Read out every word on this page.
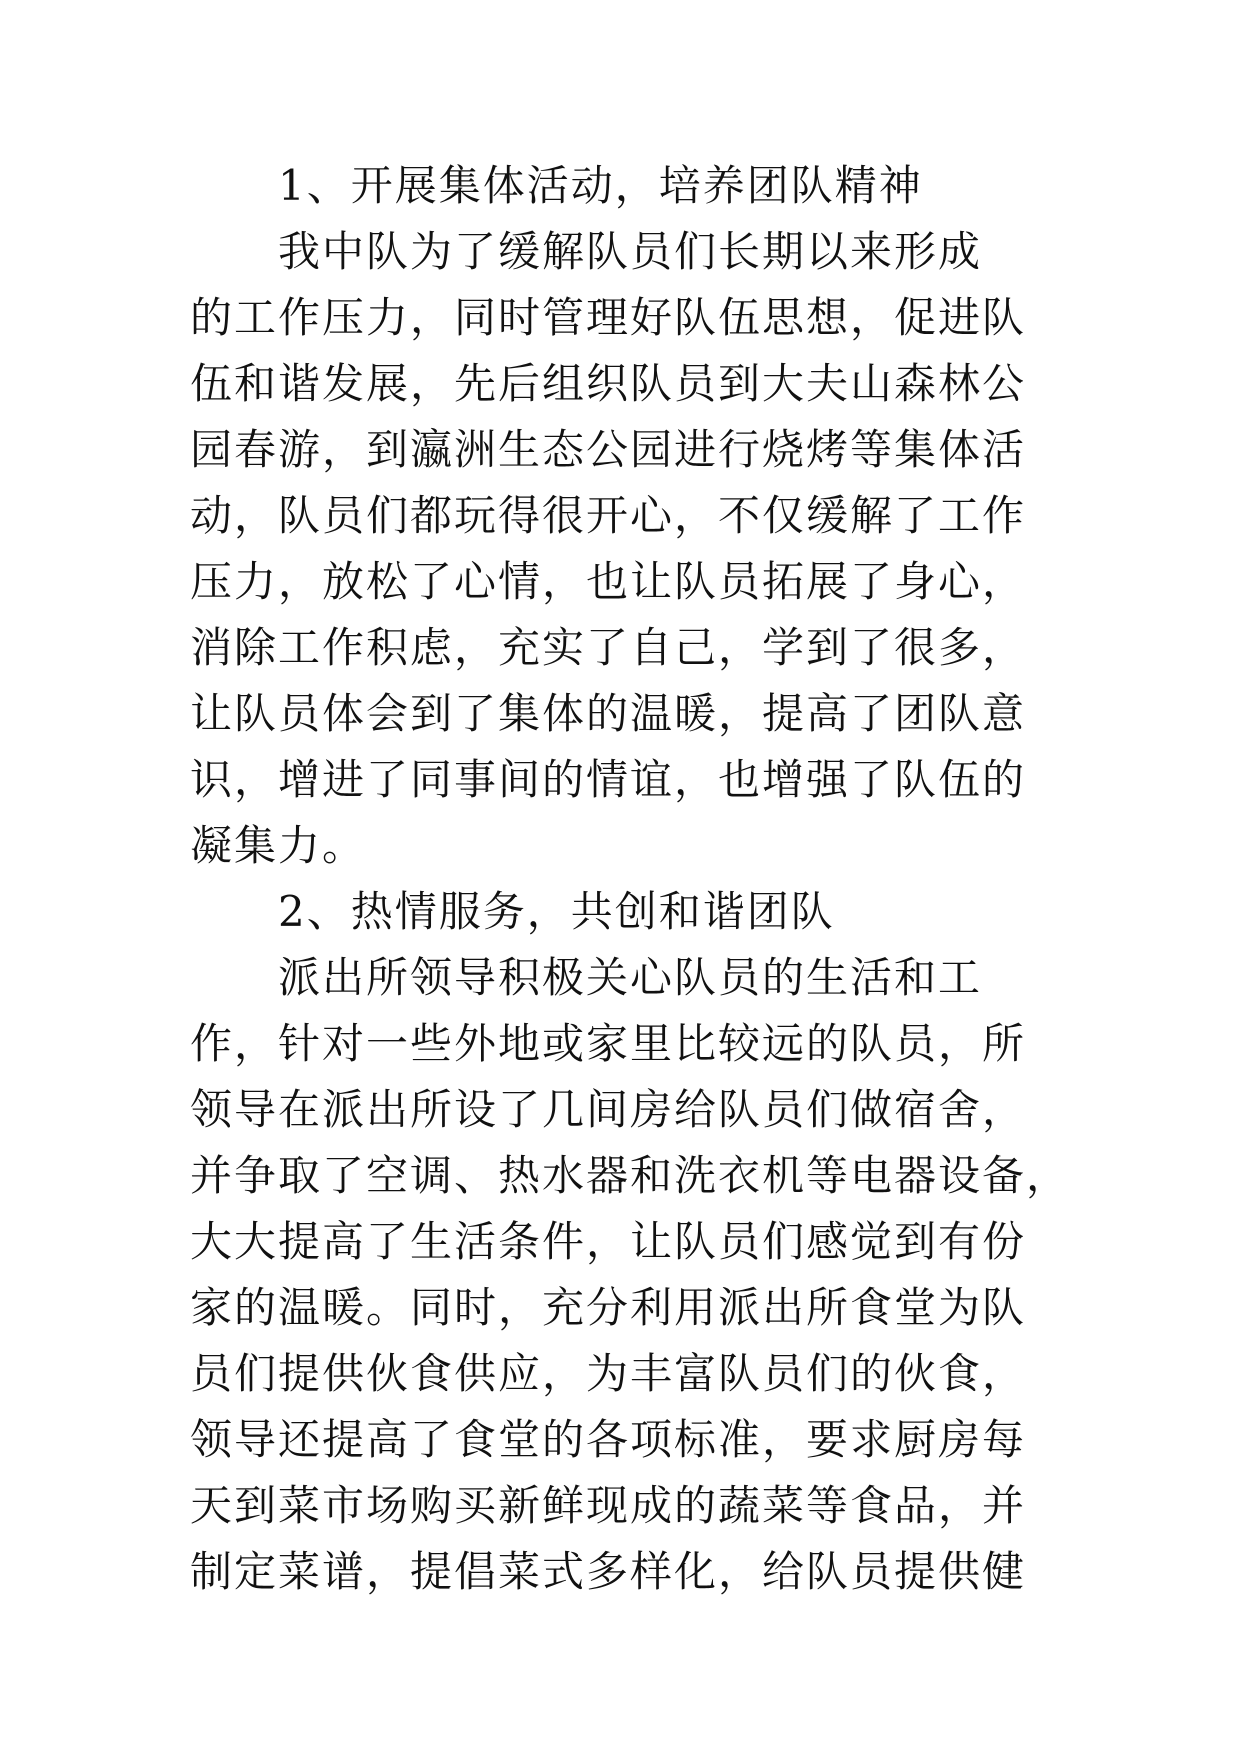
1、开展集体活动，培养团队精神
我中队为了缓解队员们长期以来形成
的工作压力，同时管理好队伍思想，促进队
伍和谐发展，先后组织队员到大夫山森林公
园春游，到瀛洲生态公园进行烧烤等集体活
动，队员们都玩得很开心，不仅缓解了工作
压力，放松了心情，也让队员拓展了身心，
消除工作积虑，充实了自己，学到了很多，
让队员体会到了集体的温暖，提高了团队意
识，增进了同事间的情谊，也增强了队伍的
凝集力。
2、热情服务，共创和谐团队
派出所领导积极关心队员的生活和工
作，针对一些外地或家里比较远的队员，所
领导在派出所设了几间房给队员们做宿舍，
并争取了空调、热水器和洗衣机等电器设备，
大大提高了生活条件，让队员们感觉到有份
家的温暖。同时，充分利用派出所食堂为队
员们提供伙食供应，为丰富队员们的伙食，
领导还提高了食堂的各项标准，要求厨房每
天到菜市场购买新鲜现成的蔬菜等食品，并
制定菜谱，提倡菜式多样化，给队员提供健
